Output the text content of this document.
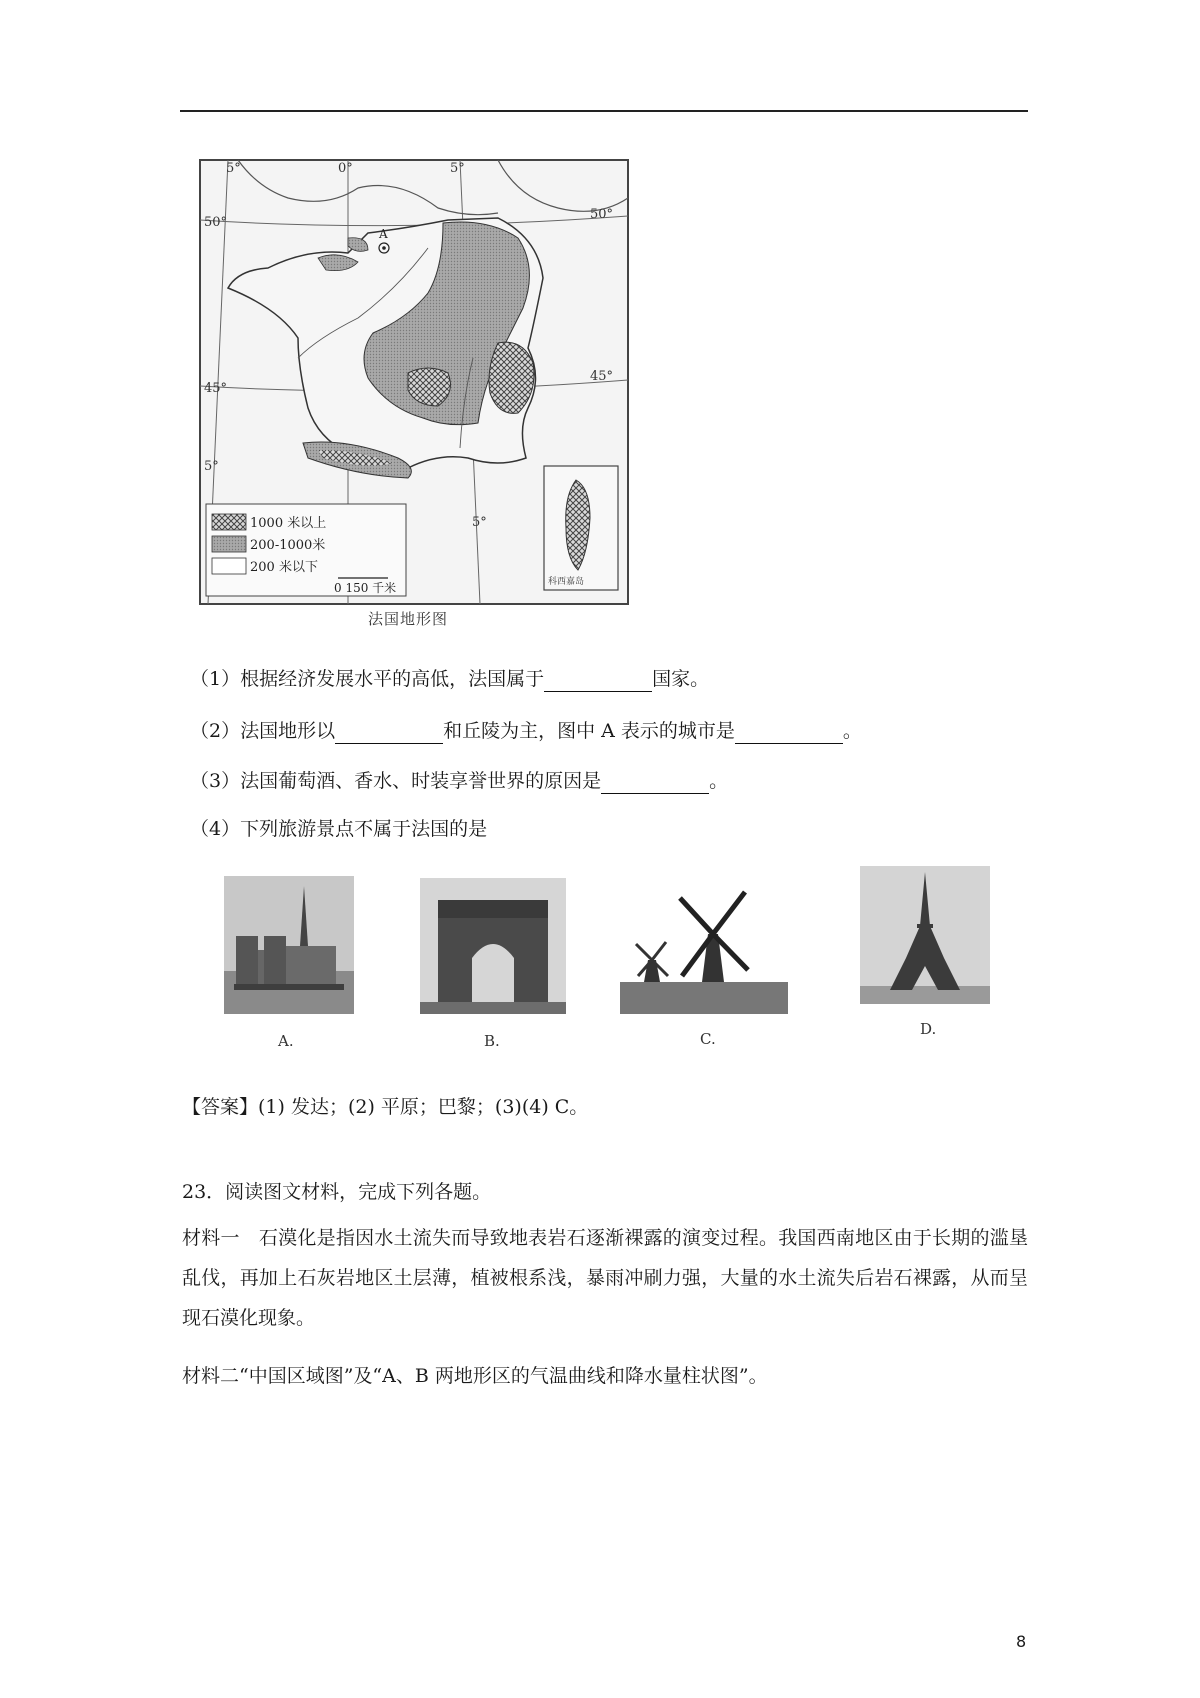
A
5°	0°	5°
5°
5°
50°
50°
45°
45°
科西嘉岛
1000 米以上
200-1000米
200 米以下
0 150 千米
法国地形图
（1）根据经济发展水平的高低，法国属于	国家。
（2）法国地形以	和丘陵为主，图中 A 表示的城市是	。
（3）法国葡萄酒、香水、时装享誉世界的原因是	。
（4）下列旅游景点不属于法国的是
A.	B.	C.
D.
【答案】(1) 发达；(2) 平原；巴黎；(3)(4) C。
23．阅读图文材料，完成下列各题。
材料一　石漠化是指因水土流失而导致地表岩石逐渐裸露的演变过程。我国西南地区由于长期的滥垦乱伐，再加上石灰岩地区土层薄，植被根系浅，暴雨冲刷力强，大量的水土流失后岩石裸露，从而呈现石漠化现象。
材料二“中国区域图”及“A、B 两地形区的气温曲线和降水量柱状图”。
8
